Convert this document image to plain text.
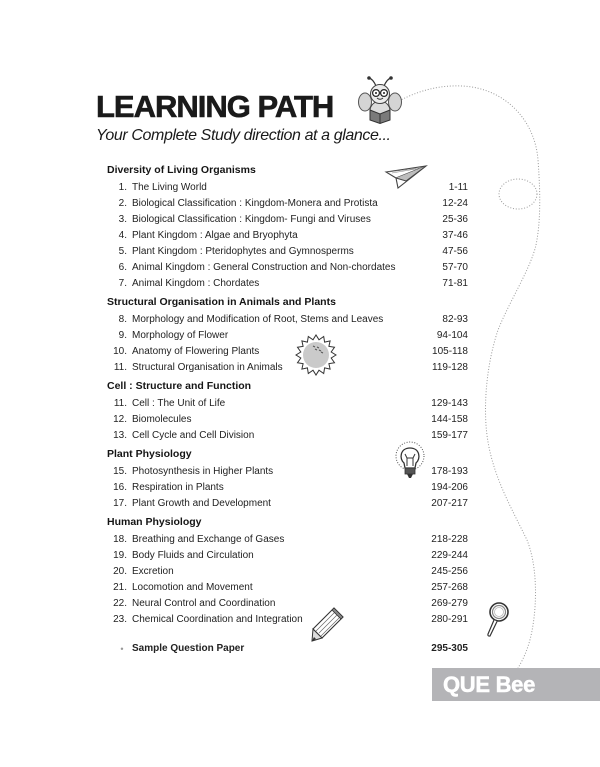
LEARNING PATH
Your Complete Study direction at a glance...
Diversity of Living Organisms
1. The Living World	1-11
2. Biological Classification : Kingdom-Monera and Protista	12-24
3. Biological Classification : Kingdom- Fungi and Viruses	25-36
4. Plant Kingdom : Algae and Bryophyta	37-46
5. Plant Kingdom : Pteridophytes and Gymnosperms	47-56
6. Animal Kingdom : General Construction and Non-chordates	57-70
7. Animal Kingdom : Chordates	71-81
Structural Organisation in Animals and Plants
8. Morphology and Modification of Root, Stems and Leaves	82-93
9. Morphology of Flower	94-104
10. Anatomy of Flowering Plants	105-118
11. Structural Organisation in Animals	119-128
Cell : Structure and Function
11. Cell : The Unit of Life	129-143
12. Biomolecules	144-158
13. Cell Cycle and Cell Division	159-177
Plant Physiology
15. Photosynthesis in Higher Plants	178-193
16. Respiration in Plants	194-206
17. Plant Growth and Development	207-217
Human Physiology
18. Breathing and Exchange of Gases	218-228
19. Body Fluids and Circulation	229-244
20. Excretion	245-256
21. Locomotion and Movement	257-268
22. Neural Control and Coordination	269-279
23. Chemical Coordination and Integration	280-291
• Sample Question Paper	295-305
QUE Bee
